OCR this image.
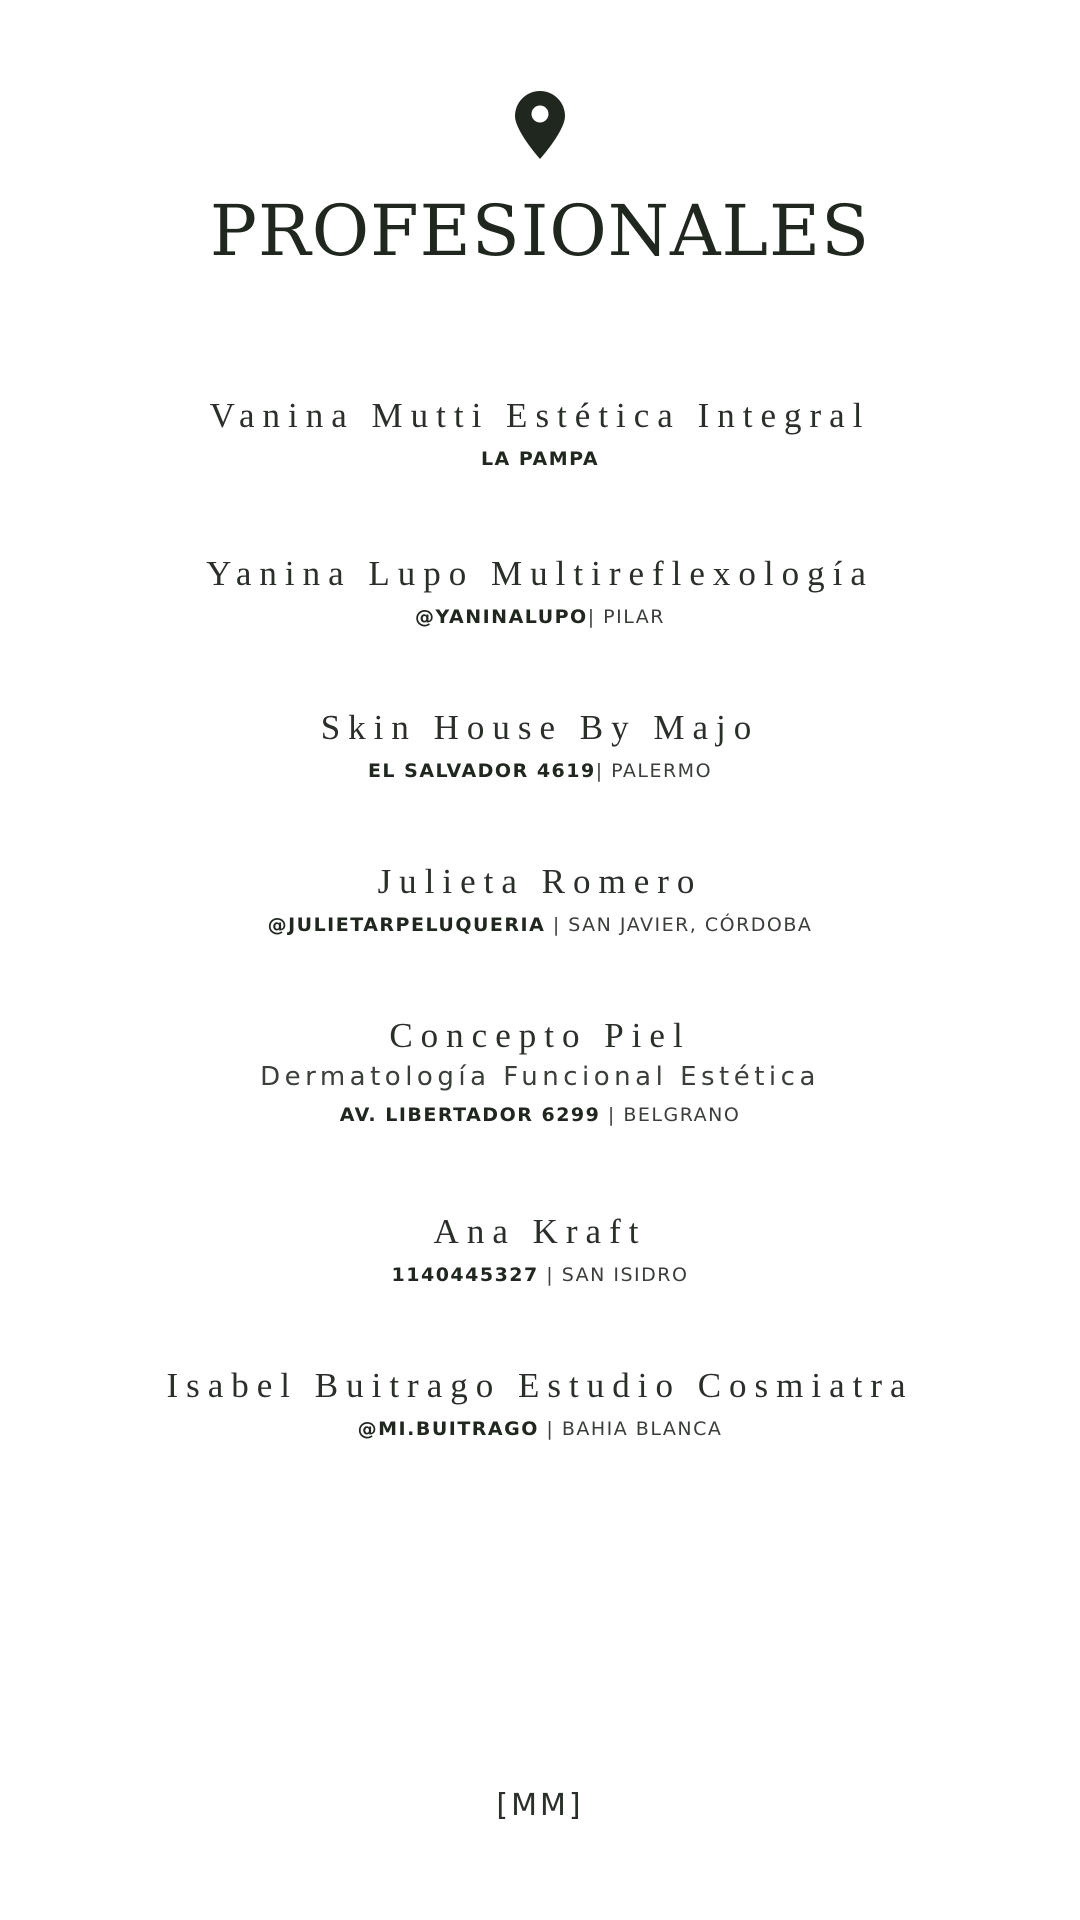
PROFESIONALES
Vanina Mutti Estética Integral
LA PAMPA
Yanina Lupo Multireflexología
@YANINALUPO| PILAR
Skin House By Majo
EL SALVADOR 4619| PALERMO
Julieta Romero
@JULIETARPELUQUERIA | SAN JAVIER, CÓRDOBA
Concepto Piel
Dermatología Funcional Estética
AV. LIBERTADOR 6299 | BELGRANO
Ana Kraft
1140445327 | SAN ISIDRO
Isabel Buitrago Estudio Cosmiatra
@MI.BUITRAGO | BAHIA BLANCA
[MM]
